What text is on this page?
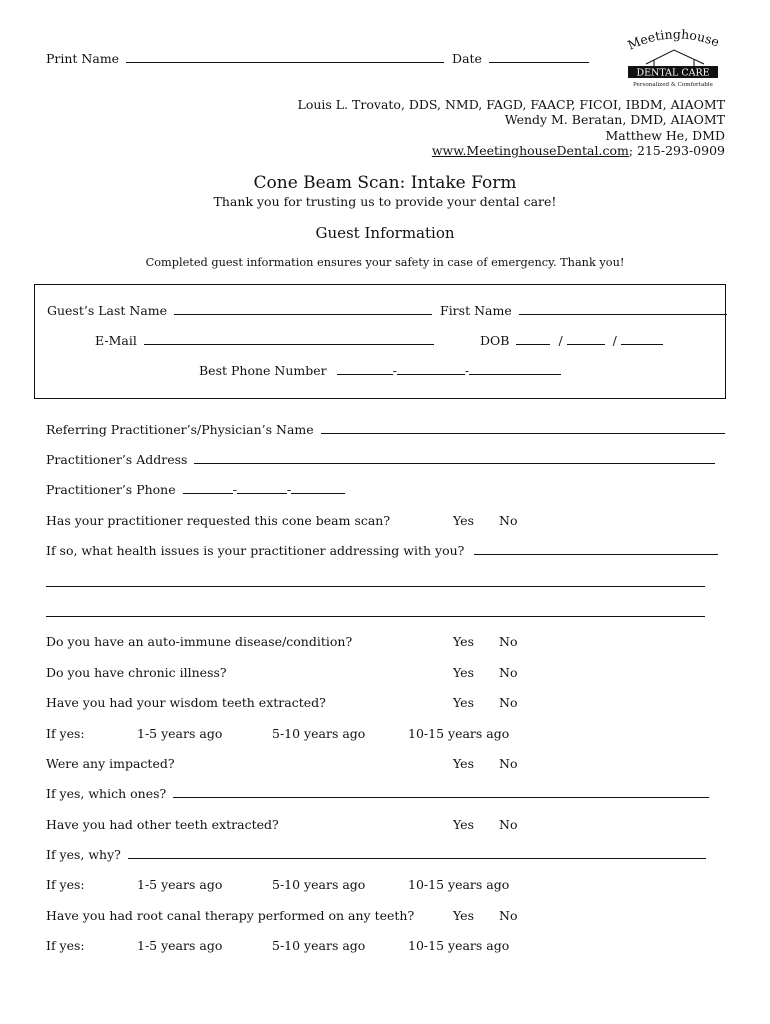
Print Name	Date
Meetinghouse
DENTAL CARE
Personalized & Comfortable
Louis L. Trovato, DDS, NMD, FAGD, FAACP, FICOI, IBDM, AIAOMT
Wendy M. Beratan, DMD, AIAOMT
Matthew He, DMD
www.MeetinghouseDental.com; 215-293-0909
Cone Beam Scan: Intake Form
Thank you for trusting us to provide your dental care!
Guest Information
Completed guest information ensures your safety in case of emergency. Thank you!
Guest’s Last Name	First Name
E-Mail	DOB	/	/
Best Phone Number	-	-
Referring Practitioner’s/Physician’s Name
Practitioner’s Address
Practitioner’s Phone	-	-
Has your practitioner requested this cone beam scan?	Yes No
If so, what health issues is your practitioner addressing with you?
Do you have an auto-immune disease/condition?	Yes No
Do you have chronic illness?	Yes No
Have you had your wisdom teeth extracted?	Yes No
If yes:	1-5 years ago	5-10 years ago	10-15 years ago
Were any impacted?	Yes No
If yes, which ones?
Have you had other teeth extracted?	Yes No
If yes, why?
If yes:	1-5 years ago	5-10 years ago	10-15 years ago
Have you had root canal therapy performed on any teeth?	Yes No
If yes:	1-5 years ago	5-10 years ago	10-15 years ago
